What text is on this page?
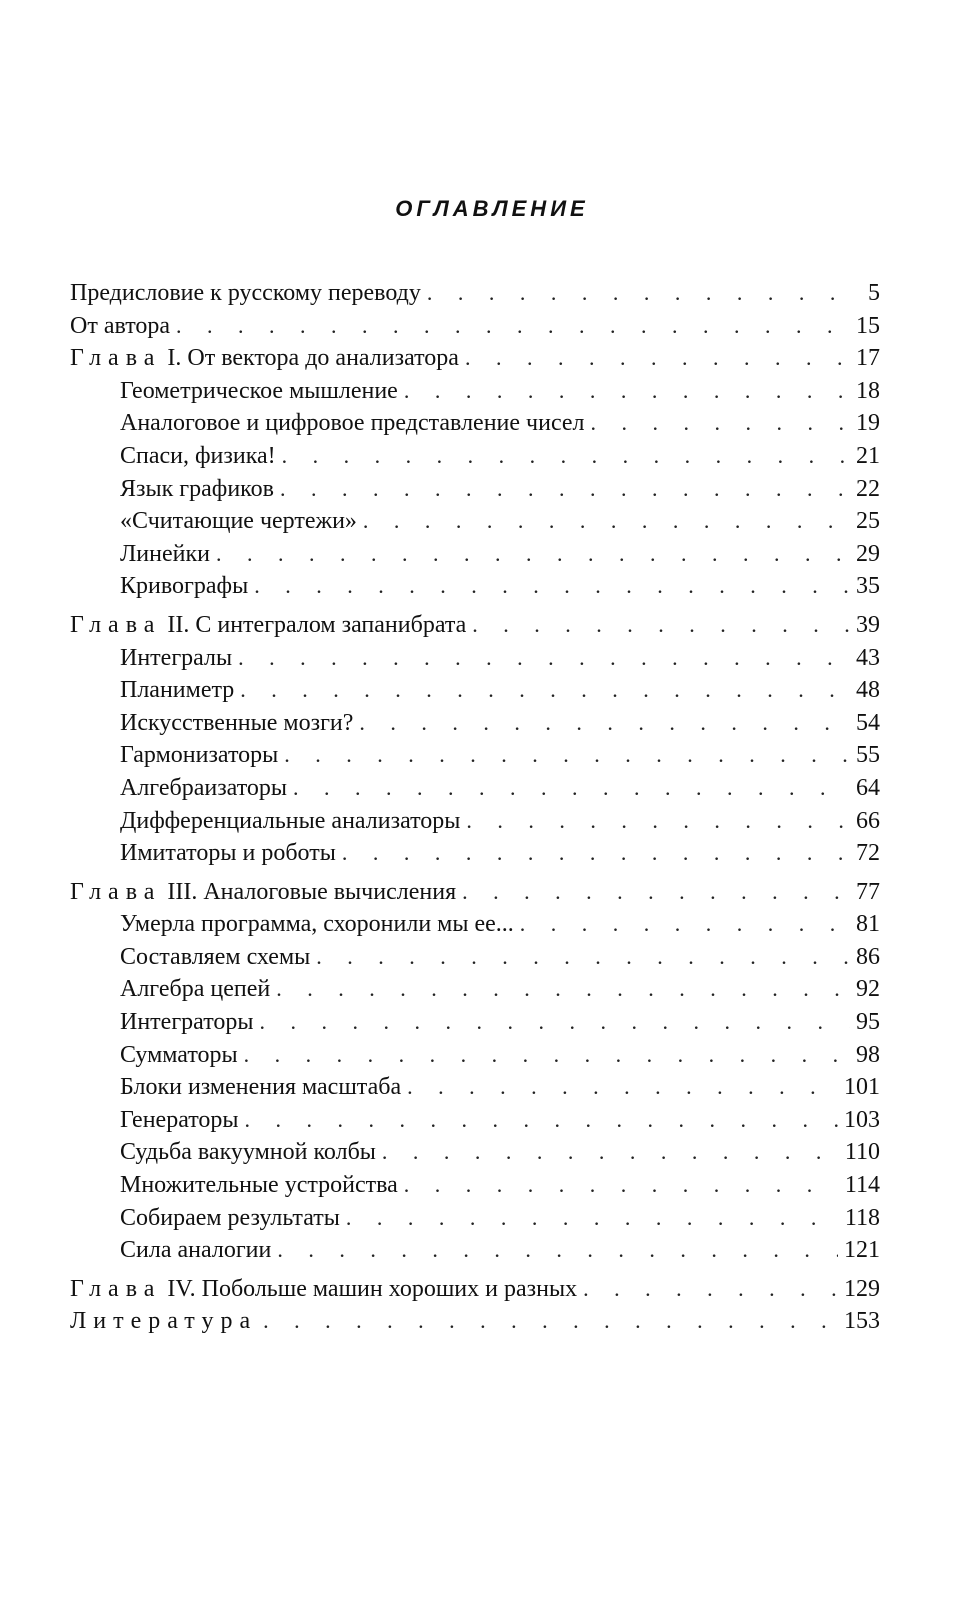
ОГЛАВЛЕНИЕ
Предисловие к русскому переводу . . .	5
От автора . . .	15
Глава I. От вектора до анализатора . . .	17
Геометрическое мышление . . .	18
Аналоговое и цифровое представление чисел . . .	19
Спаси, физика! . . .	21
Язык графиков . . .	22
«Считающие чертежи» . . .	25
Линейки . . .	29
Кривографы . . .	35
Глава II. С интегралом запанибрата . . .	39
Интегралы . . .	43
Планиметр . . .	48
Искусственные мозги? . . .	54
Гармонизаторы . . .	55
Алгебраизаторы . . .	64
Дифференциальные анализаторы . . .	66
Имитаторы и роботы . . .	72
Глава III. Аналоговые вычисления . . .	77
Умерла программа, схоронили мы ее... . . .	81
Составляем схемы . . .	86
Алгебра цепей . . .	92
Интеграторы . . .	95
Сумматоры . . .	98
Блоки изменения масштаба . . .	101
Генераторы . . .	103
Судьба вакуумной колбы . . .	110
Множительные устройства . . .	114
Собираем результаты . . .	118
Сила аналогии . . .	121
Глава IV. Побольше машин хороших и разных . . .	129
Литература . . .	153
